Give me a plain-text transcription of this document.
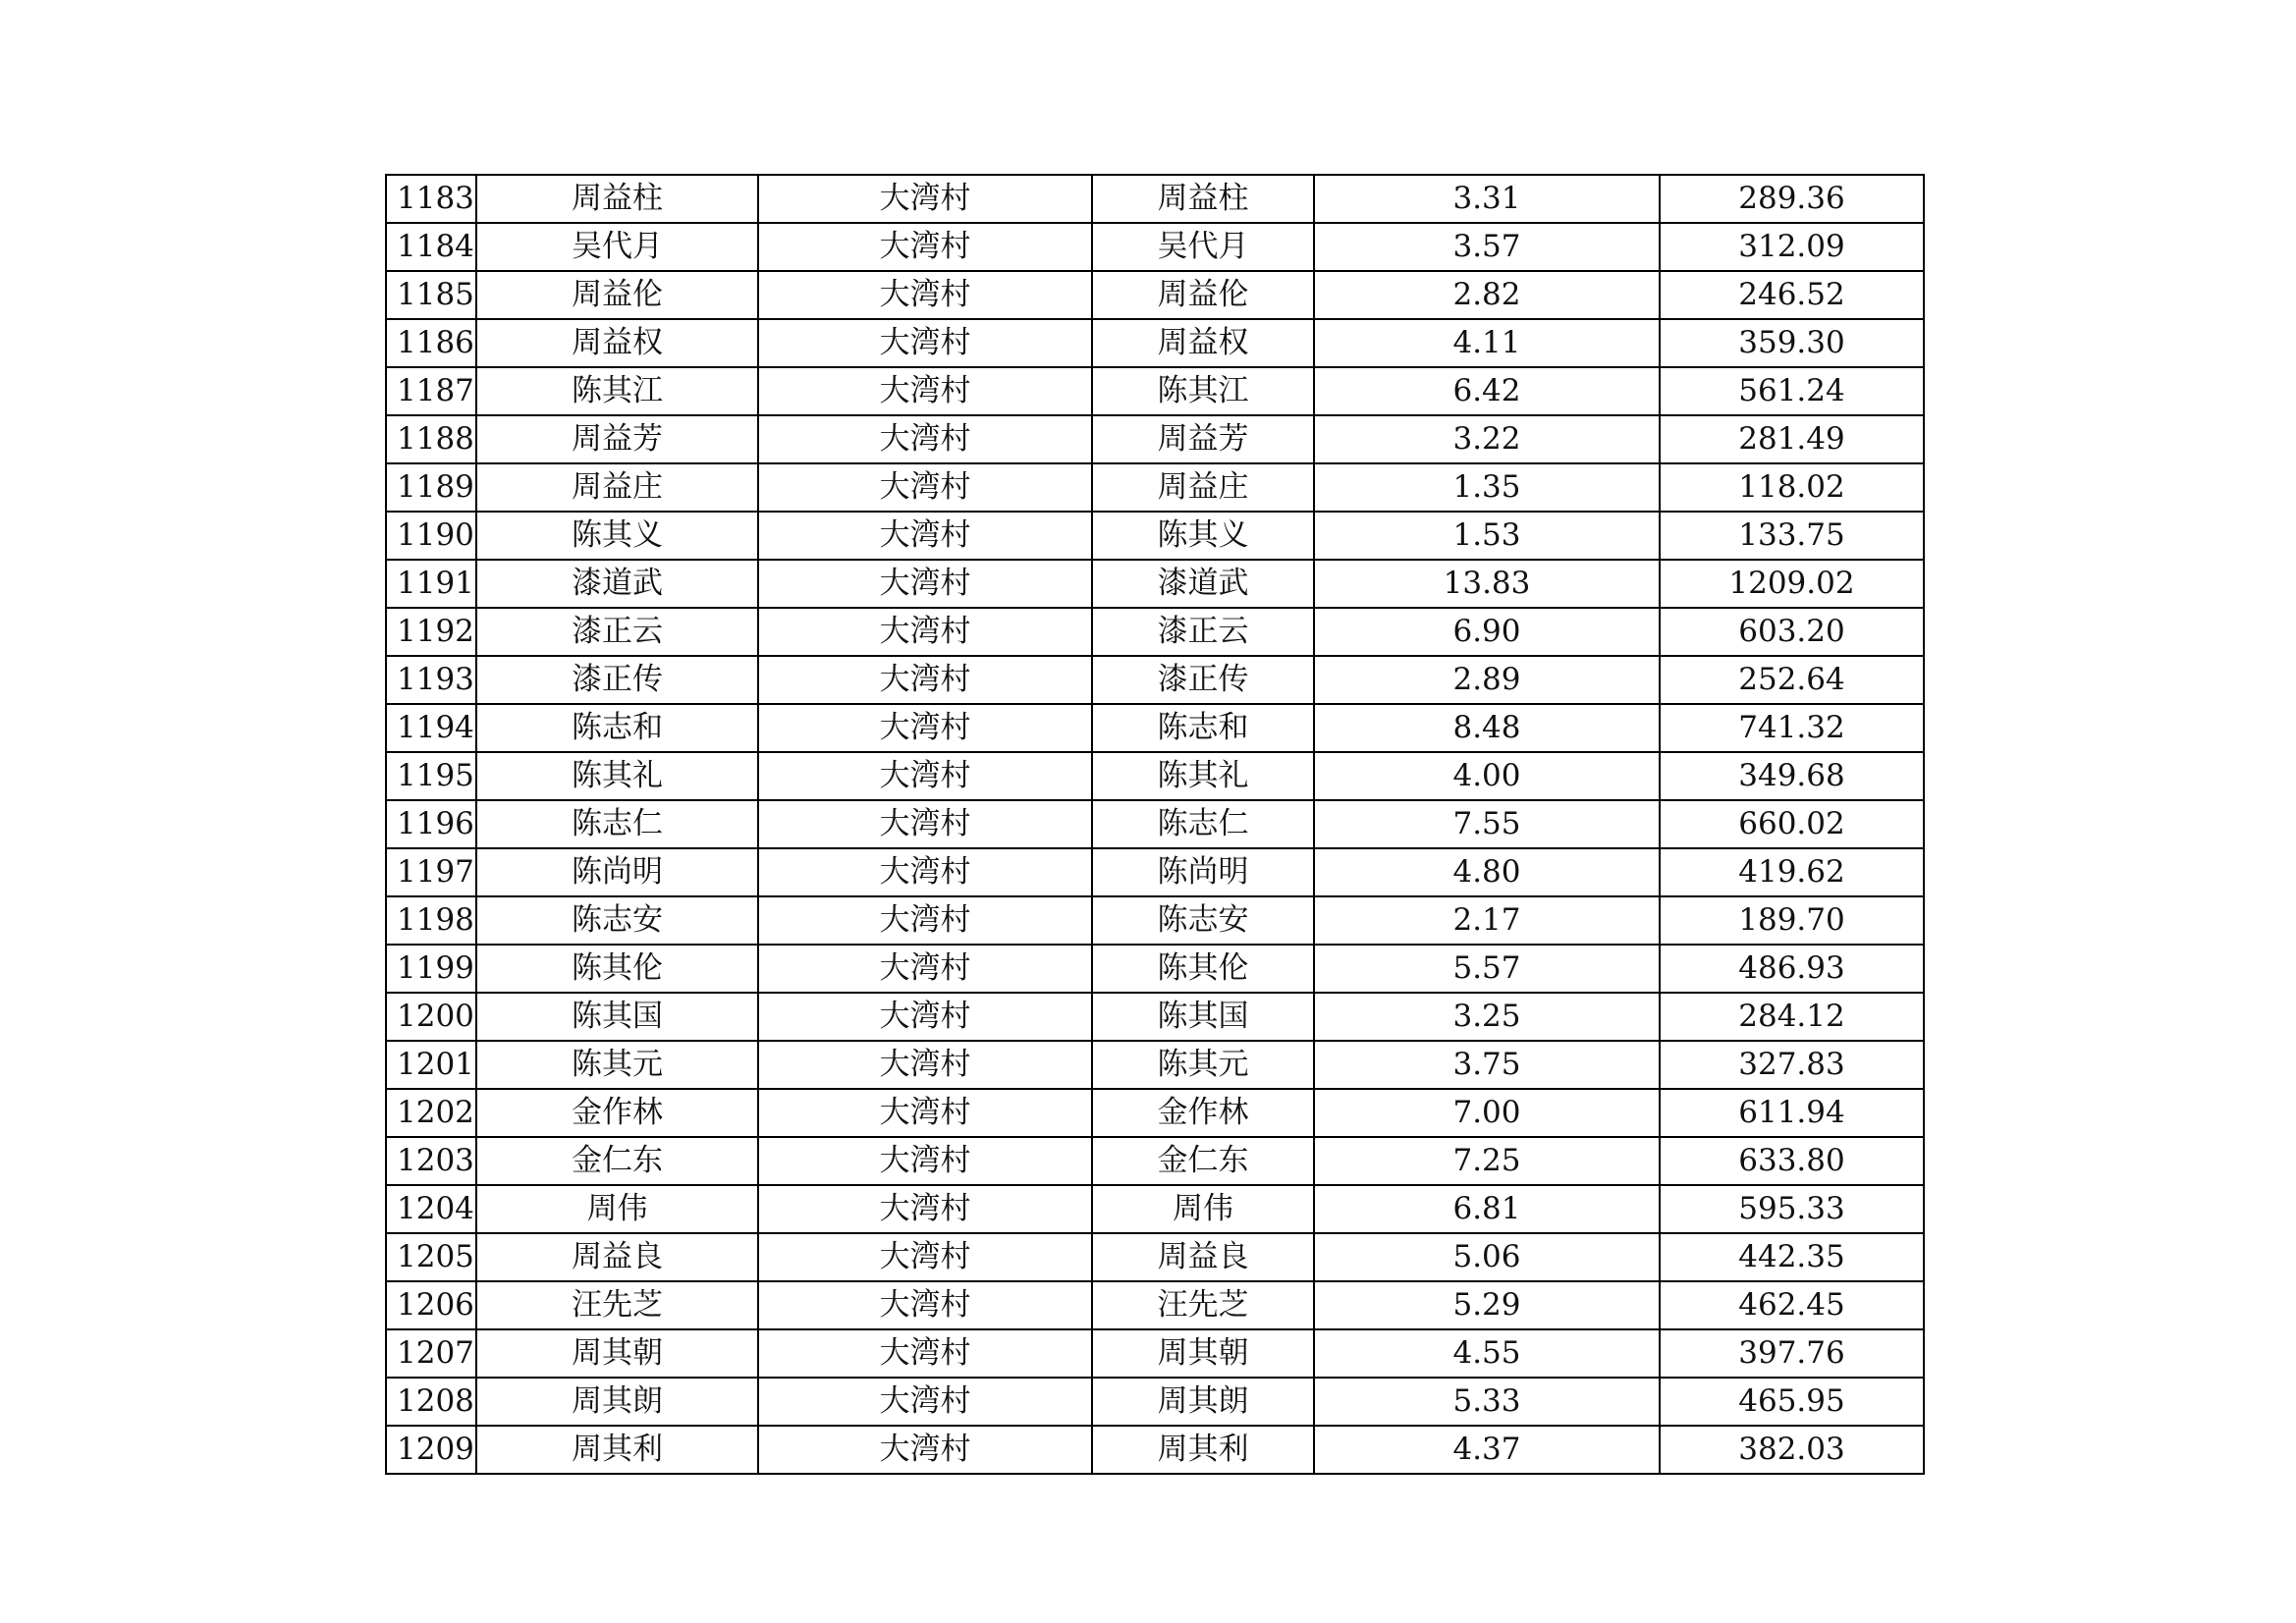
1183	周益柱	大湾村	周益柱	3.31	289.36
1184	吴代月	大湾村	吴代月	3.57	312.09
1185	周益伦	大湾村	周益伦	2.82	246.52
1186	周益权	大湾村	周益权	4.11	359.30
1187	陈其江	大湾村	陈其江	6.42	561.24
1188	周益芳	大湾村	周益芳	3.22	281.49
1189	周益庄	大湾村	周益庄	1.35	118.02
1190	陈其义	大湾村	陈其义	1.53	133.75
1191	漆道武	大湾村	漆道武	13.83	1209.02
1192	漆正云	大湾村	漆正云	6.90	603.20
1193	漆正传	大湾村	漆正传	2.89	252.64
1194	陈志和	大湾村	陈志和	8.48	741.32
1195	陈其礼	大湾村	陈其礼	4.00	349.68
1196	陈志仁	大湾村	陈志仁	7.55	660.02
1197	陈尚明	大湾村	陈尚明	4.80	419.62
1198	陈志安	大湾村	陈志安	2.17	189.70
1199	陈其伦	大湾村	陈其伦	5.57	486.93
1200	陈其国	大湾村	陈其国	3.25	284.12
1201	陈其元	大湾村	陈其元	3.75	327.83
1202	金作林	大湾村	金作林	7.00	611.94
1203	金仁东	大湾村	金仁东	7.25	633.80
1204	周伟	大湾村	周伟	6.81	595.33
1205	周益良	大湾村	周益良	5.06	442.35
1206	汪先芝	大湾村	汪先芝	5.29	462.45
1207	周其朝	大湾村	周其朝	4.55	397.76
1208	周其朗	大湾村	周其朗	5.33	465.95
1209	周其利	大湾村	周其利	4.37	382.03
